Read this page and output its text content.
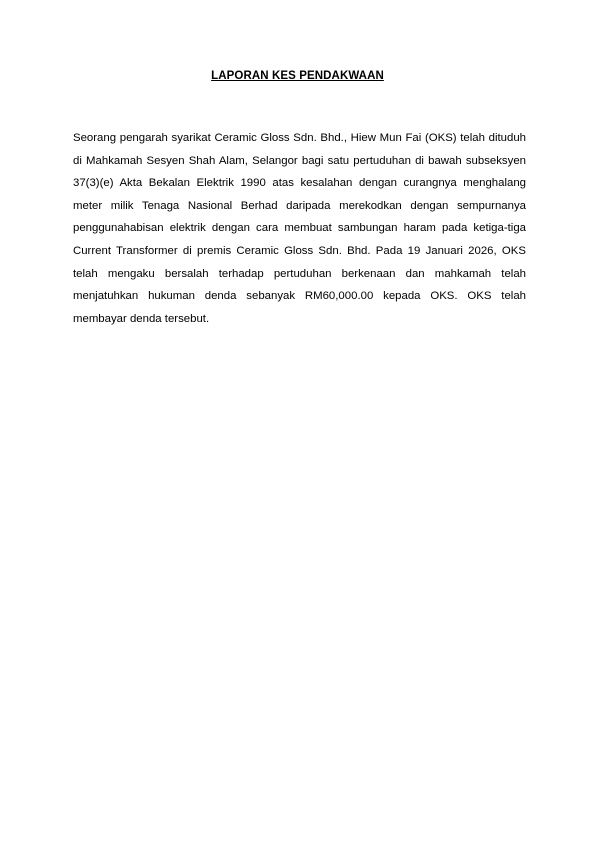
LAPORAN KES PENDAKWAAN

Seorang pengarah syarikat Ceramic Gloss Sdn. Bhd., Hiew Mun Fai (OKS) telah dituduh di Mahkamah Sesyen Shah Alam, Selangor bagi satu pertuduhan di bawah subseksyen 37(3)(e) Akta Bekalan Elektrik 1990 atas kesalahan dengan curangnya menghalang meter milik Tenaga Nasional Berhad daripada merekodkan dengan sempurnanya penggunahabisan elektrik dengan cara membuat sambungan haram pada ketiga-tiga Current Transformer di premis Ceramic Gloss Sdn. Bhd. Pada 19 Januari 2026, OKS telah mengaku bersalah terhadap pertuduhan berkenaan dan mahkamah telah menjatuhkan hukuman denda sebanyak RM60,000.00 kepada OKS. OKS telah membayar denda tersebut.
